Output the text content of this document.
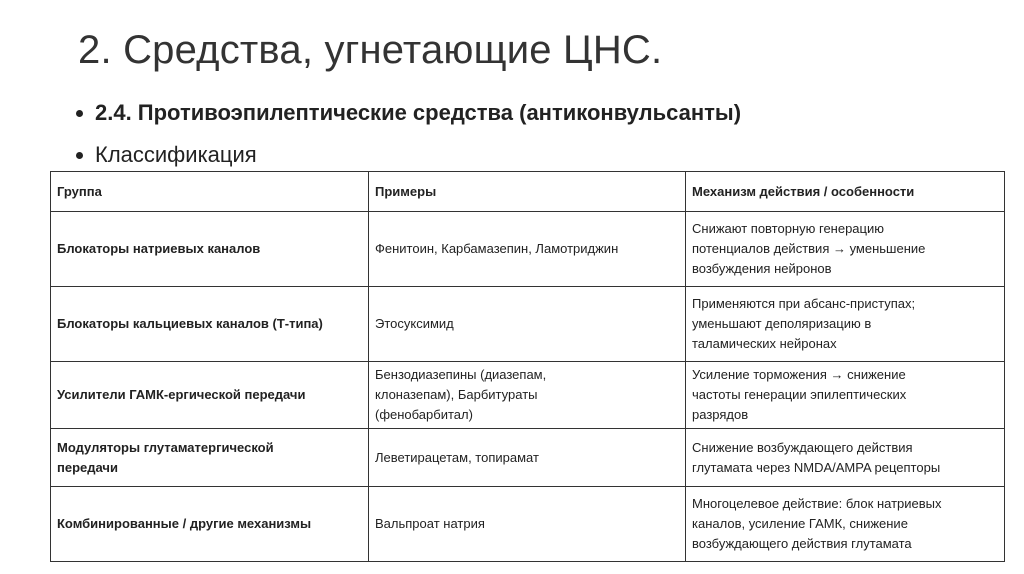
2. Средства, угнетающие ЦНС.
2.4. Противоэпилептические средства (антиконвульсанты)
Классификация
Группа	Примеры	Механизм действия / особенности

Блокаторы натриевых каналов	Фенитоин, Карбамазепин, Ламотриджин	Снижают повторную генерацию
потенциалов действия → уменьшение
возбуждения нейронов

Блокаторы кальциевых каналов (Т-типа)	Этосуксимид	Применяются при абсанс-приступах;
уменьшают деполяризацию в
таламических нейронах

Усилители ГАМК-ергической передачи	Бензодиазепины (диазепам,
клоназепам), Барбитураты
(фенобарбитал)	Усиление торможения → снижение
частоты генерации эпилептических
разрядов

Модуляторы глутаматергической
передачи	Леветирацетам, топирамат	Снижение возбуждающего действия
глутамата через NMDA/AMPA рецепторы

Комбинированные / другие механизмы	Вальпроат натрия	Многоцелевое действие: блок натриевых
каналов, усиление ГАМК, снижение
возбуждающего действия глутамата
